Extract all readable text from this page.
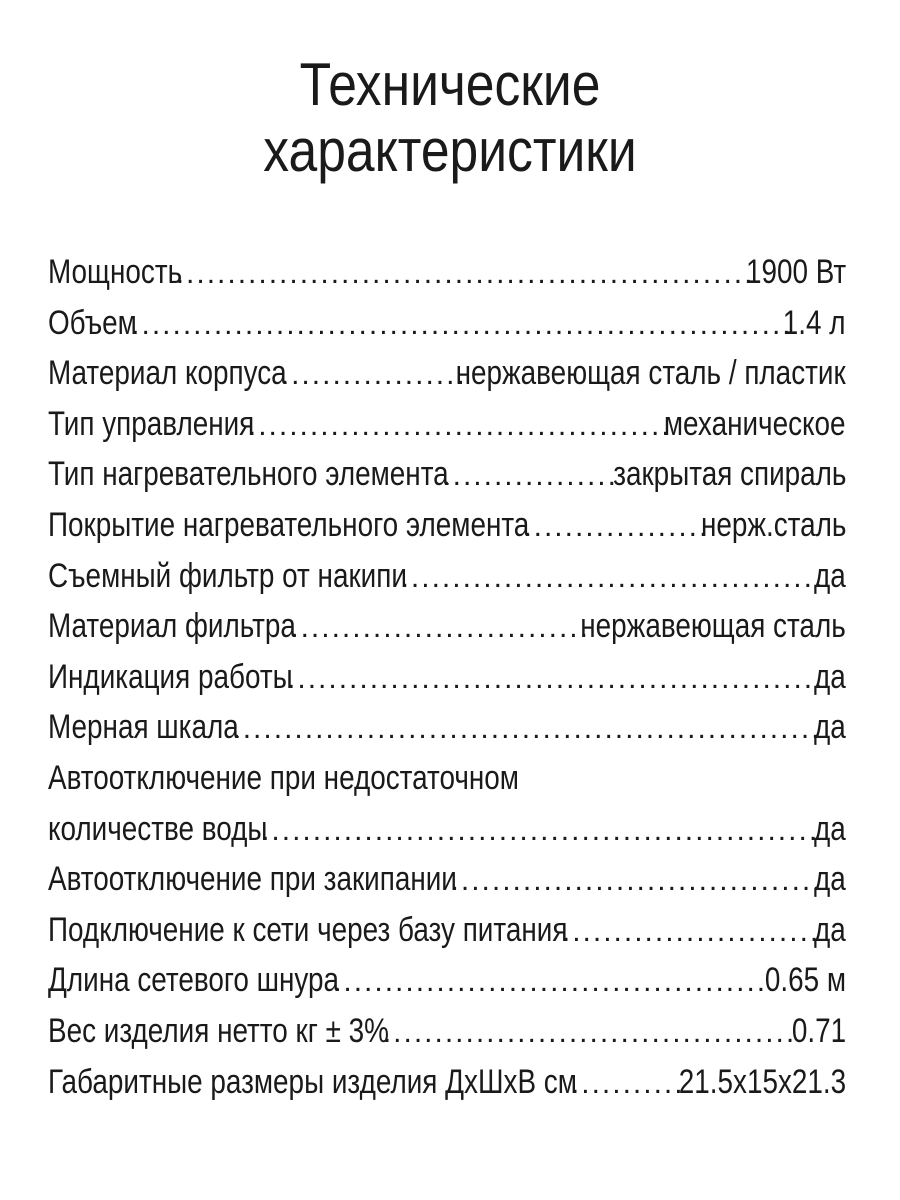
Технические
характеристики
Мощность .....	1900 Вт
Объем .....	1.4 л
Материал корпуса .....	нержавеющая сталь / пластик
Тип управления .....	механическое
Тип нагревательного элемента .....	закрытая спираль
Покрытие нагревательного элемента .....	нерж.сталь
Съемный фильтр от накипи .....	да
Материал фильтра .....	нержавеющая сталь
Индикация работы .....	да
Мерная шкала .....	да
Автоотключение при недостаточном
количестве воды .....	да
Автоотключение при закипании .....	да
Подключение к сети через базу питания .....	да
Длина сетевого шнура .....	0.65 м
Вес изделия нетто кг ± 3% .....	0.71
Габаритные размеры изделия ДхШхВ см .....	21.5x15x21.3
